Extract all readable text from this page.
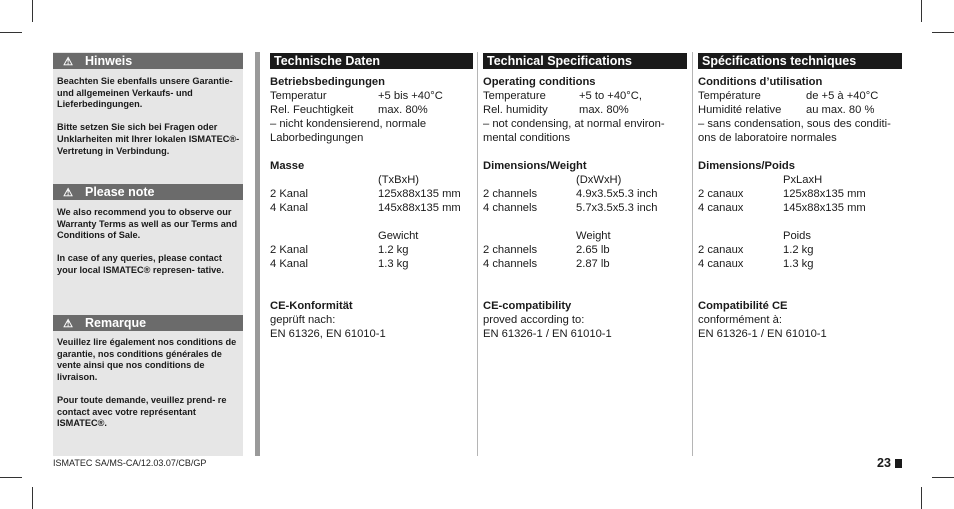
⚠ Hinweis

Beachten Sie ebenfalls unsere Garantie- und allgemeinen Verkaufs- und Lieferbedingungen.

Bitte setzen Sie sich bei Fragen oder Unklarheiten mit Ihrer lokalen ISMATEC®-Vertretung in Verbindung.

⚠ Please note

We also recommend you to observe our Warranty Terms as well as our Terms and Conditions of Sale.

In case of any queries, please contact your local ISMATEC® represen- tative.

⚠ Remarque

Veuillez lire également nos conditions de garantie, nos conditions générales de vente ainsi que nos conditions de livraison.

Pour toute demande, veuillez prend- re contact avec votre représentant ISMATEC®.

Technische Daten
Betriebsbedingungen
Temperatur	+5 bis +40°C
Rel. Feuchtigkeit	max. 80%
– nicht kondensierend, normale
Laborbedingungen
Masse
(TxBxH)
2 Kanal	125x88x135 mm
4 Kanal	145x88x135 mm
Gewicht
2 Kanal	1.2 kg
4 Kanal	1.3 kg
CE-Konformität
geprüft nach:
EN 61326, EN 61010-1
Technical Specifications
Operating conditions
Temperature	+5 to +40°C,
Rel. humidity	max. 80%
– not condensing, at normal environ-
mental conditions
Dimensions/Weight
(DxWxH)
2 channels	4.9x3.5x5.3 inch
4 channels	5.7x3.5x5.3 inch
Weight
2 channels	2.65 lb
4 channels	2.87 lb
CE-compatibility
proved according to:
EN 61326-1 / EN 61010-1
Spécifications techniques
Conditions d’utilisation
Température	de +5 à +40°C
Humidité relative	au max. 80 %
– sans condensation, sous des conditi-
ons de laboratoire normales
Dimensions/Poids
PxLaxH
2 canaux	125x88x135 mm
4 canaux	145x88x135 mm
Poids
2 canaux	1.2 kg
4 canaux	1.3 kg
Compatibilité CE
conformément à:
EN 61326-1 / EN 61010-1
ISMATEC SA/MS-CA/12.03.07/CB/GP	23
